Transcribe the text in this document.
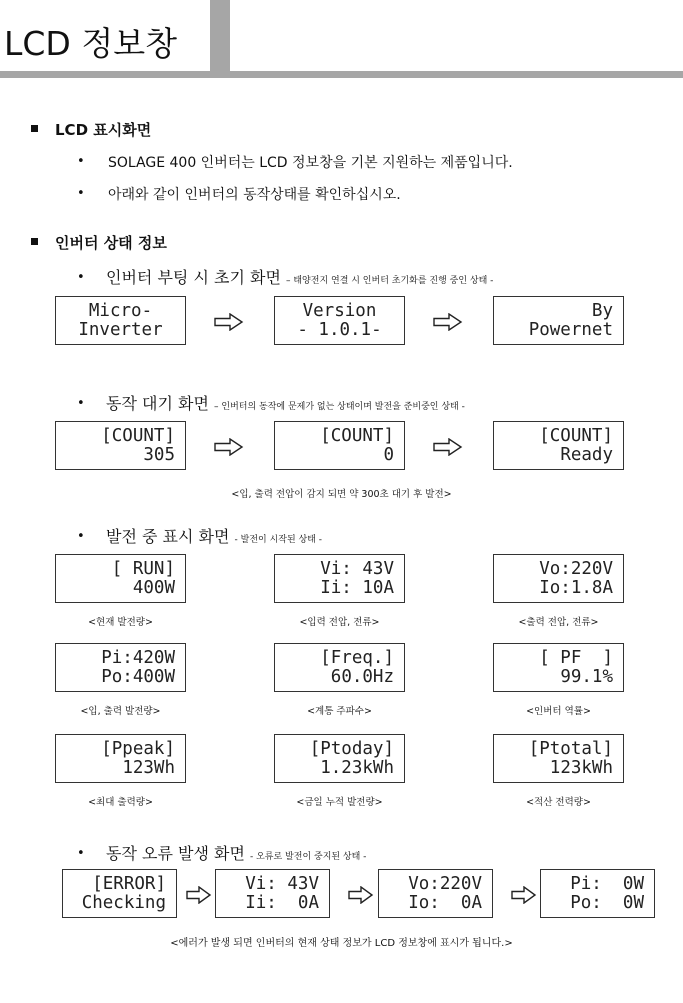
LCD 정보창
LCD 표시화면
• SOLAGE 400 인버터는 LCD 정보창을 기본 지원하는 제품입니다.
• 아래와 같이 인버터의 동작상태를 확인하십시오.
인버터 상태 정보
• 인버터 부팅 시 초기 화면 – 태양전지 연결 시 인버터 초기화를 진행 중인 상태 -
Micro-
Inverter
Version
- 1.0.1-
By
Powernet
• 동작 대기 화면 – 인버터의 동작에 문제가 없는 상태이며 발전을 준비중인 상태 -
[COUNT]
305
[COUNT]
0
[COUNT]
Ready
<입, 출력 전압이 감지 되면 약 300초 대기 후 발전>
• 발전 중 표시 화면 - 발전이 시작된 상태 -
[ RUN]
400W
<현재 발전량>
Vi: 43V
Ii: 10A
<입력 전압, 전류>
Vo:220V
Io:1.8A
<출력 전압, 전류>
Pi:420W
Po:400W
<입, 출력 발전량>
[Freq.]
60.0Hz
<계통 주파수>
[ PF  ]
99.1%
<인버터 역률>
[Ppeak]
123Wh
<최대 출력량>
[Ptoday]
1.23kWh
<금일 누적 발전량>
[Ptotal]
123kWh
<적산 전력량>
• 동작 오류 발생 화면 - 오류로 발전이 중지된 상태 -
[ERROR]
Checking
Vi: 43V
Ii:  0A
Vo:220V
Io:  0A
Pi:  0W
Po:  0W
<에러가 발생 되면 인버터의 현재 상태 정보가 LCD 정보창에 표시가 됩니다.>
